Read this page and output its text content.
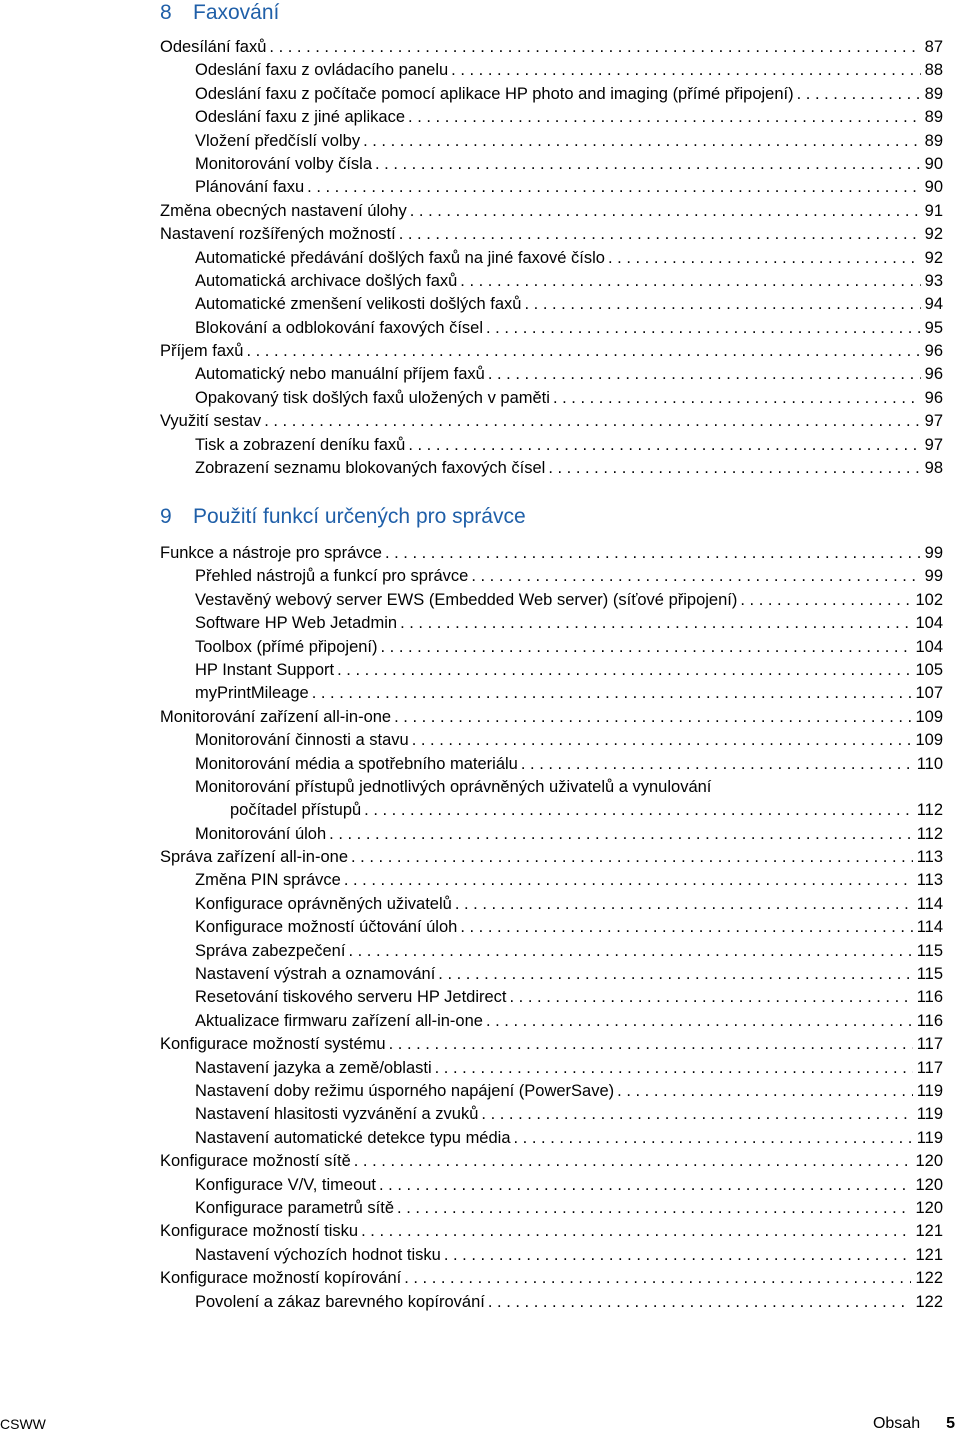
8 Faxování
Odesílání faxů . . .	87
Odeslání faxu z ovládacího panelu . . .	88
Odeslání faxu z počítače pomocí aplikace HP photo and imaging (přímé připojení) . . .	89
Odeslání faxu z jiné aplikace . . .	89
Vložení předčíslí volby . . .	89
Monitorování volby čísla . . .	90
Plánování faxu . . .	90
Změna obecných nastavení úlohy . . .	91
Nastavení rozšířených možností . . .	92
Automatické předávání došlých faxů na jiné faxové číslo . . .	92
Automatická archivace došlých faxů . . .	93
Automatické zmenšení velikosti došlých faxů . . .	94
Blokování a odblokování faxových čísel . . .	95
Příjem faxů . . .	96
Automatický nebo manuální příjem faxů . . .	96
Opakovaný tisk došlých faxů uložených v paměti . . .	96
Využití sestav . . .	97
Tisk a zobrazení deníku faxů . . .	97
Zobrazení seznamu blokovaných faxových čísel . . .	98
9 Použití funkcí určených pro správce
Funkce a nástroje pro správce . . .	99
Přehled nástrojů a funkcí pro správce . . .	99
Vestavěný webový server EWS (Embedded Web server) (síťové připojení) . . .	102
Software HP Web Jetadmin . . .	104
Toolbox (přímé připojení) . . .	104
HP Instant Support . . .	105
myPrintMileage . . .	107
Monitorování zařízení all-in-one . . .	109
Monitorování činnosti a stavu . . .	109
Monitorování média a spotřebního materiálu . . .	110
Monitorování přístupů jednotlivých oprávněných uživatelů a vynulování
počítadel přístupů . . .	112
Monitorování úloh . . .	112
Správa zařízení all-in-one . . .	113
Změna PIN správce . . .	113
Konfigurace oprávněných uživatelů . . .	114
Konfigurace možností účtování úloh . . .	114
Správa zabezpečení . . .	115
Nastavení výstrah a oznamování . . .	115
Resetování tiskového serveru HP Jetdirect . . .	116
Aktualizace firmwaru zařízení all-in-one . . .	116
Konfigurace možností systému . . .	117
Nastavení jazyka a země/oblasti . . .	117
Nastavení doby režimu úsporného napájení (PowerSave) . . .	119
Nastavení hlasitosti vyzvánění a zvuků . . .	119
Nastavení automatické detekce typu média . . .	119
Konfigurace možností sítě . . .	120
Konfigurace V/V, timeout . . .	120
Konfigurace parametrů sítě . . .	120
Konfigurace možností tisku . . .	121
Nastavení výchozích hodnot tisku . . .	121
Konfigurace možností kopírování . . .	122
Povolení a zákaz barevného kopírování . . .	122
CSWW	Obsah 5
